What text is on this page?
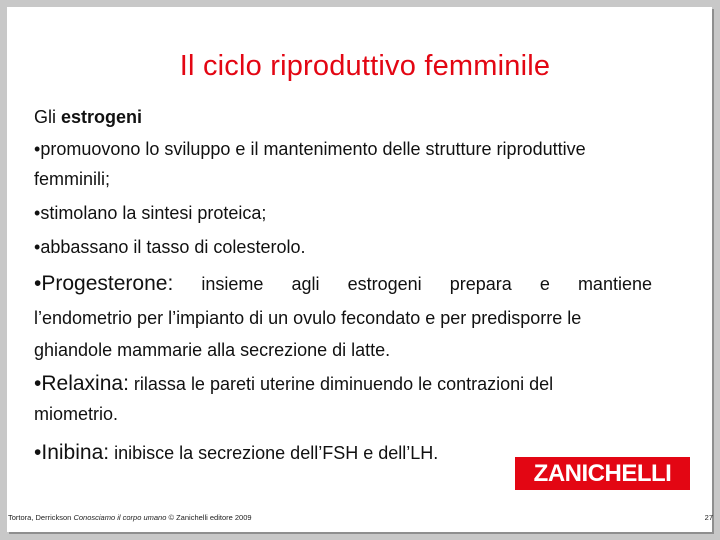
Il ciclo riproduttivo femminile
Gli estrogeni
•promuovono lo sviluppo e il mantenimento delle strutture riproduttive
femminili;
•stimolano la sintesi proteica;
•abbassano il tasso di colesterolo.
•Progesterone: insieme agli estrogeni prepara e mantiene
l’endometrio per l’impianto di un ovulo fecondato e per predisporre le
ghiandole mammarie alla secrezione di latte.
•Relaxina: rilassa le pareti uterine diminuendo le contrazioni del
miometrio.
•Inibina: inibisce la secrezione dell’FSH e dell’LH.
ZANICHELLI
Tortora, Derrickson Conosciamo il corpo umano © Zanichelli editore 2009	27
